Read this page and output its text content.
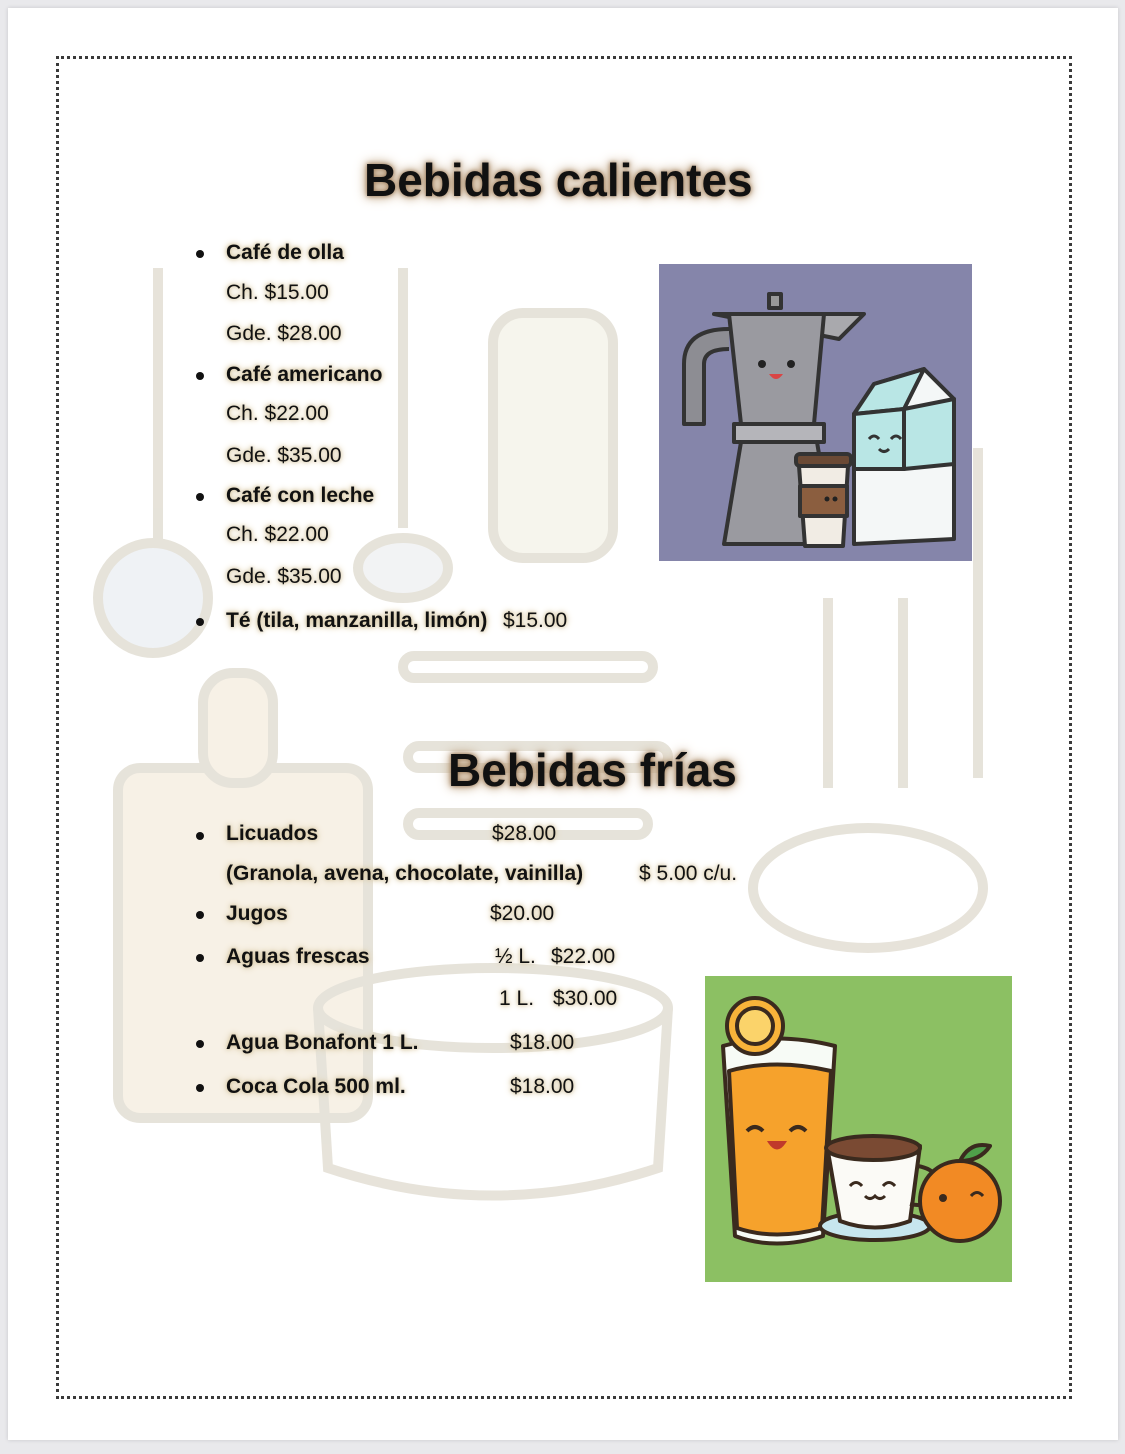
Bebidas calientes
Café de olla
Ch. $15.00
Gde. $28.00
Café americano
Ch. $22.00
Gde. $35.00
Café con leche
Ch. $22.00
Gde. $35.00
Té (tila, manzanilla, limón) $15.00
Bebidas frías
Licuados	$28.00
(Granola, avena, chocolate, vainilla)	$ 5.00 c/u.
Jugos	$20.00
Aguas frescas	½ L. $22.00
1 L. $30.00
Agua Bonafont 1 L.	$18.00
Coca Cola 500 ml.	$18.00
